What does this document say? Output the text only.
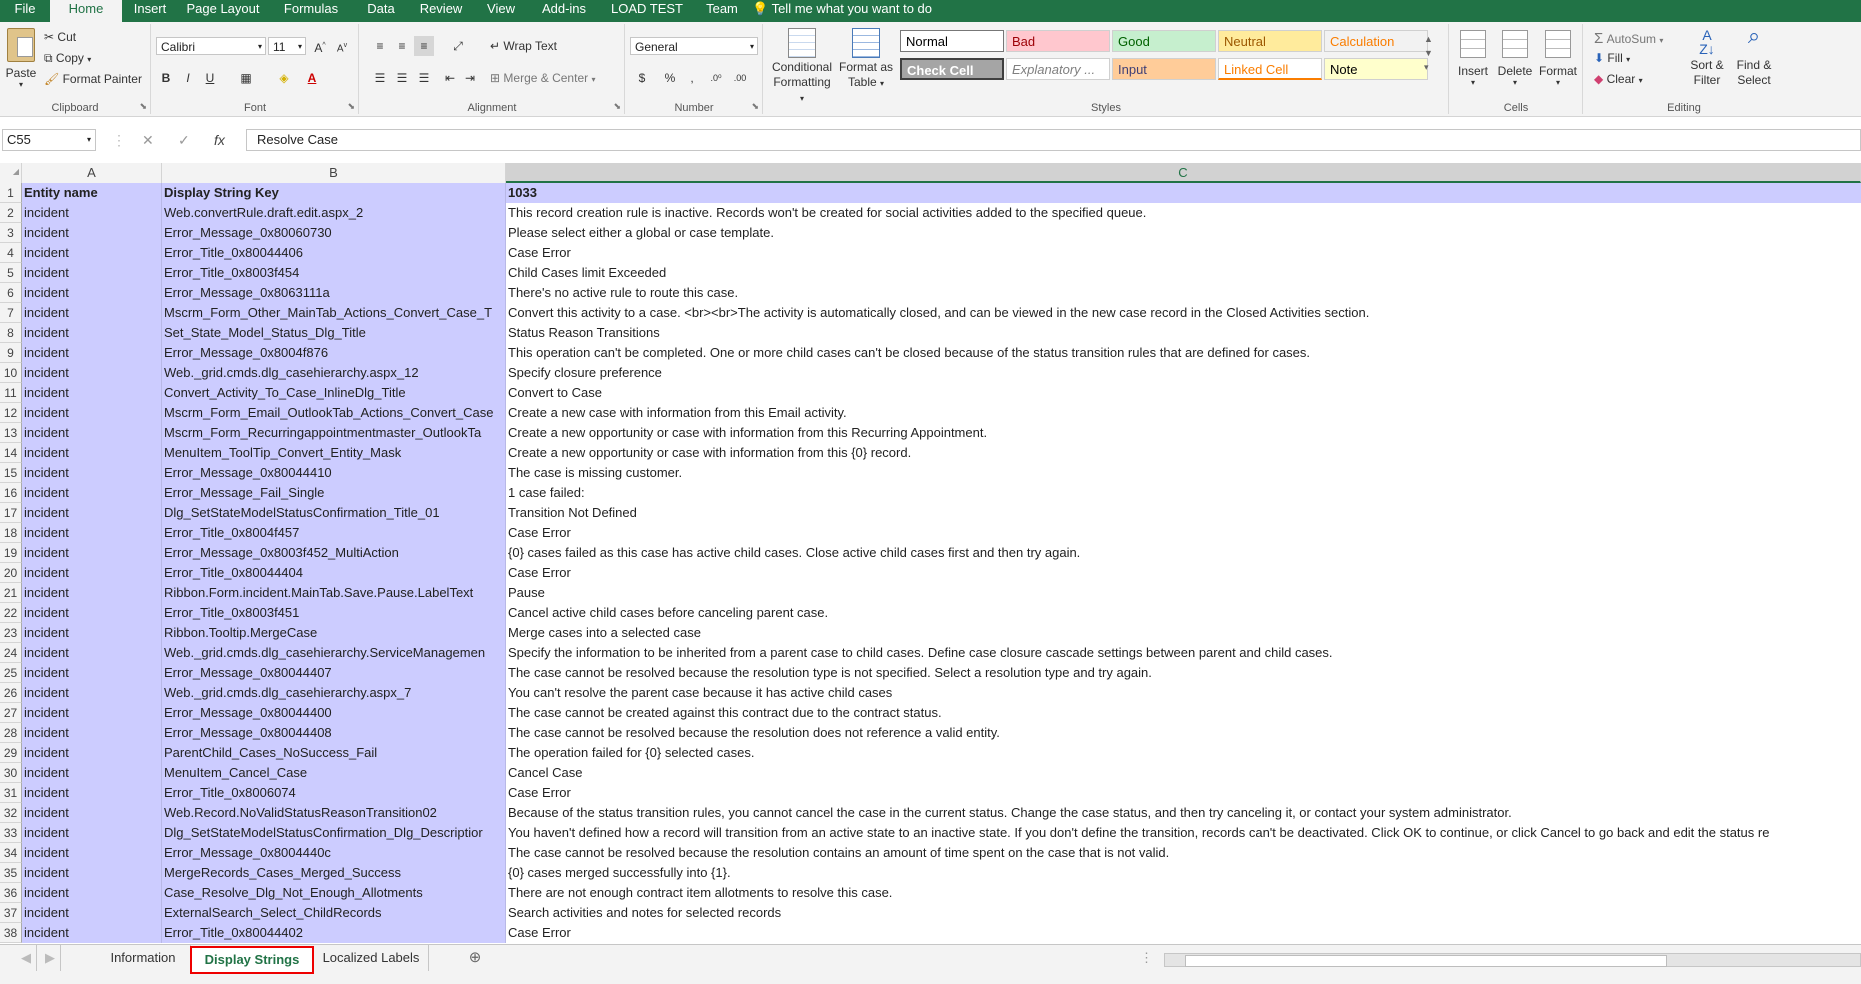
File	Home	Insert	Page Layout	Formulas	Data	Review	View	Add-ins	LOAD TEST	Team	💡 Tell me what you want to do
Paste
▾
✂ Cut
⧉ Copy ▾
🖌 Format Painter
Clipboard	⬊
Calibri	▾ 11 ▾	A^	$A^v$
B	I	U	▦	◈	A
Font	⬊
≡	≡	≡	⤢	↵ Wrap Text
☰ ☰ ☰	⇤ ⇥	⊞ Merge & Center ▾
Alignment	⬊
General	▾
$	%	,	.0⁰	.00
Number	⬊
Conditional Formatting ▾
Format as Table ▾
Normal	Bad	Good	Neutral	Calculation
Check Cell	Explanatory ...	Input	Linked Cell	Note
▲
▼
▾
Styles
Insert
▾
Delete
▾
Format
▾
Cells
Σ AutoSum ▾
⬇ Fill ▾
◆ Clear ▾
A
Z↓
Sort & Filter
⌕
Find & Select
Editing
C55	▾ ⋮ ✕ ✓ fx	Resolve Case
◢	A	B	C
1 Entity name	Display String Key	1033
2 incident	Web.convertRule.draft.edit.aspx_2	This record creation rule is inactive. Records won't be created for social activities added to the specified queue.
3 incident	Error_Message_0x80060730	Please select either a global or case template.
4 incident	Error_Title_0x80044406	Case Error
5 incident	Error_Title_0x8003f454	Child Cases limit Exceeded
6 incident	Error_Message_0x8063111a	There's no active rule to route this case.
7 incident	Mscrm_Form_Other_MainTab_Actions_Convert_Case_T	Convert this activity to a case. <br><br>The activity is automatically closed, and can be viewed in the new case record in the Closed Activities section.
8 incident	Set_State_Model_Status_Dlg_Title	Status Reason Transitions
9 incident	Error_Message_0x8004f876	This operation can't be completed. One or more child cases can't be closed because of the status transition rules that are defined for cases.
10 incident	Web._grid.cmds.dlg_casehierarchy.aspx_12	Specify closure preference
11 incident	Convert_Activity_To_Case_InlineDlg_Title	Convert to Case
12 incident	Mscrm_Form_Email_OutlookTab_Actions_Convert_Case	Create a new case with information from this Email activity.
13 incident	Mscrm_Form_Recurringappointmentmaster_OutlookTa	Create a new opportunity or case with information from this Recurring Appointment.
14 incident	MenuItem_ToolTip_Convert_Entity_Mask	Create a new opportunity or case with information from this {0} record.
15 incident	Error_Message_0x80044410	The case is missing customer.
16 incident	Error_Message_Fail_Single	1 case failed:
17 incident	Dlg_SetStateModelStatusConfirmation_Title_01	Transition Not Defined
18 incident	Error_Title_0x8004f457	Case Error
19 incident	Error_Message_0x8003f452_MultiAction	{0} cases failed as this case has active child cases. Close active child cases first and then try again.
20 incident	Error_Title_0x80044404	Case Error
21 incident	Ribbon.Form.incident.MainTab.Save.Pause.LabelText	Pause
22 incident	Error_Title_0x8003f451	Cancel active child cases before canceling parent case.
23 incident	Ribbon.Tooltip.MergeCase	Merge cases into a selected case
24 incident	Web._grid.cmds.dlg_casehierarchy.ServiceManagemen	Specify the information to be inherited from a parent case to child cases. Define case closure cascade settings between parent and child cases.
25 incident	Error_Message_0x80044407	The case cannot be resolved because the resolution type is not specified. Select a resolution type and try again.
26 incident	Web._grid.cmds.dlg_casehierarchy.aspx_7	You can't resolve the parent case because it has active child cases
27 incident	Error_Message_0x80044400	The case cannot be created against this contract due to the contract status.
28 incident	Error_Message_0x80044408	The case cannot be resolved because the resolution does not reference a valid entity.
29 incident	ParentChild_Cases_NoSuccess_Fail	The operation failed for {0} selected cases.
30 incident	MenuItem_Cancel_Case	Cancel Case
31 incident	Error_Title_0x8006074	Case Error
32 incident	Web.Record.NoValidStatusReasonTransition02	Because of the status transition rules, you cannot cancel the case in the current status. Change the case status, and then try canceling it, or contact your system administrator.
33 incident	Dlg_SetStateModelStatusConfirmation_Dlg_Descriptior	You haven't defined how a record will transition from an active state to an inactive state. If you don't define the transition, records can't be deactivated. Click OK to continue, or click Cancel to go back and edit the status re
34 incident	Error_Message_0x8004440c	The case cannot be resolved because the resolution contains an amount of time spent on the case that is not valid.
35 incident	MergeRecords_Cases_Merged_Success	{0} cases merged successfully into {1}.
36 incident	Case_Resolve_Dlg_Not_Enough_Allotments	There are not enough contract item allotments to resolve this case.
37 incident	ExternalSearch_Select_ChildRecords	Search activities and notes for selected records
38 incident	Error_Title_0x80044402	Case Error
◀	▶	Information	Display Strings	Localized Labels	⊕	⋮
